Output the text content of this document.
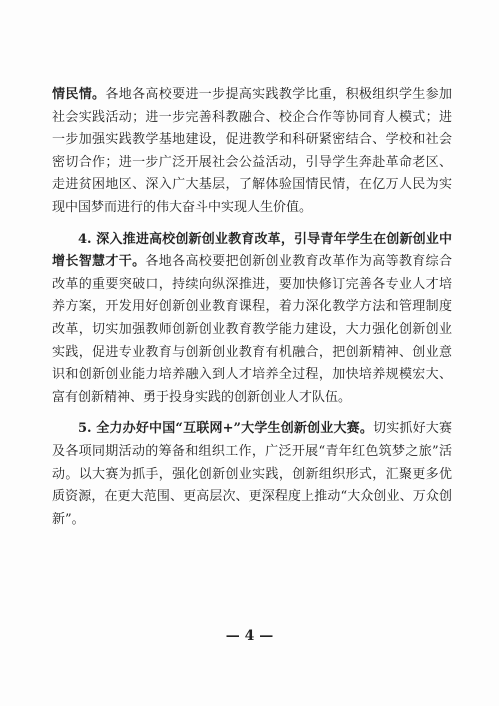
情民情。各地各高校要进一步提高实践教学比重，积极组织学生参加社会实践活动；进一步完善科教融合、校企合作等协同育人模式；进一步加强实践教学基地建设，促进教学和科研紧密结合、学校和社会密切合作；进一步广泛开展社会公益活动，引导学生奔赴革命老区、走进贫困地区、深入广大基层，了解体验国情民情，在亿万人民为实现中国梦而进行的伟大奋斗中实现人生价值。

4. 深入推进高校创新创业教育改革，引导青年学生在创新创业中增长智慧才干。各地各高校要把创新创业教育改革作为高等教育综合改革的重要突破口，持续向纵深推进，要加快修订完善各专业人才培养方案，开发用好创新创业教育课程，着力深化教学方法和管理制度改革，切实加强教师创新创业教育教学能力建设，大力强化创新创业实践，促进专业教育与创新创业教育有机融合，把创新精神、创业意识和创新创业能力培养融入到人才培养全过程，加快培养规模宏大、富有创新精神、勇于投身实践的创新创业人才队伍。

5. 全力办好中国“互联网+”大学生创新创业大赛。切实抓好大赛及各项同期活动的筹备和组织工作，广泛开展“青年红色筑梦之旅”活动。以大赛为抓手，强化创新创业实践，创新组织形式，汇聚更多优质资源，在更大范围、更高层次、更深程度上推动“大众创业、万众创新”。

— 4 —
